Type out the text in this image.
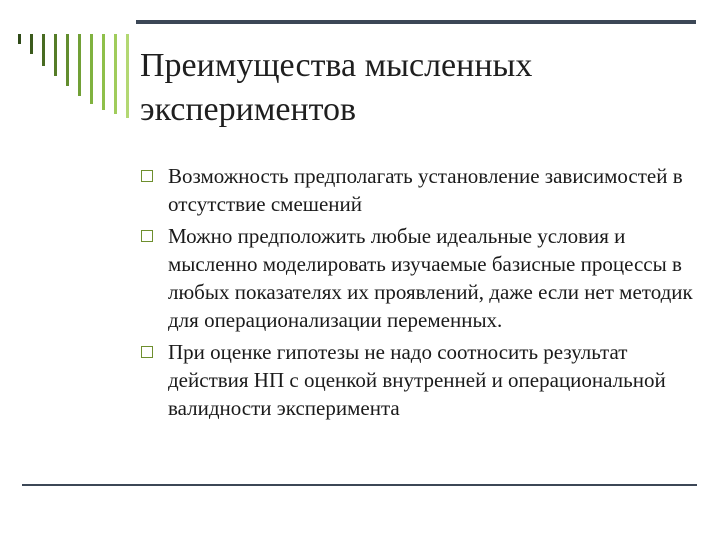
Преимущества мысленных экспериментов
Возможность предполагать установление зависимостей в отсутствие смешений
Можно предположить любые идеальные условия и мысленно моделировать изучаемые базисные процессы в любых показателях их проявлений, даже если нет методик для операционализации переменных.
При оценке гипотезы не надо соотносить результат действия НП с оценкой внутренней и операциональной валидности эксперимента
